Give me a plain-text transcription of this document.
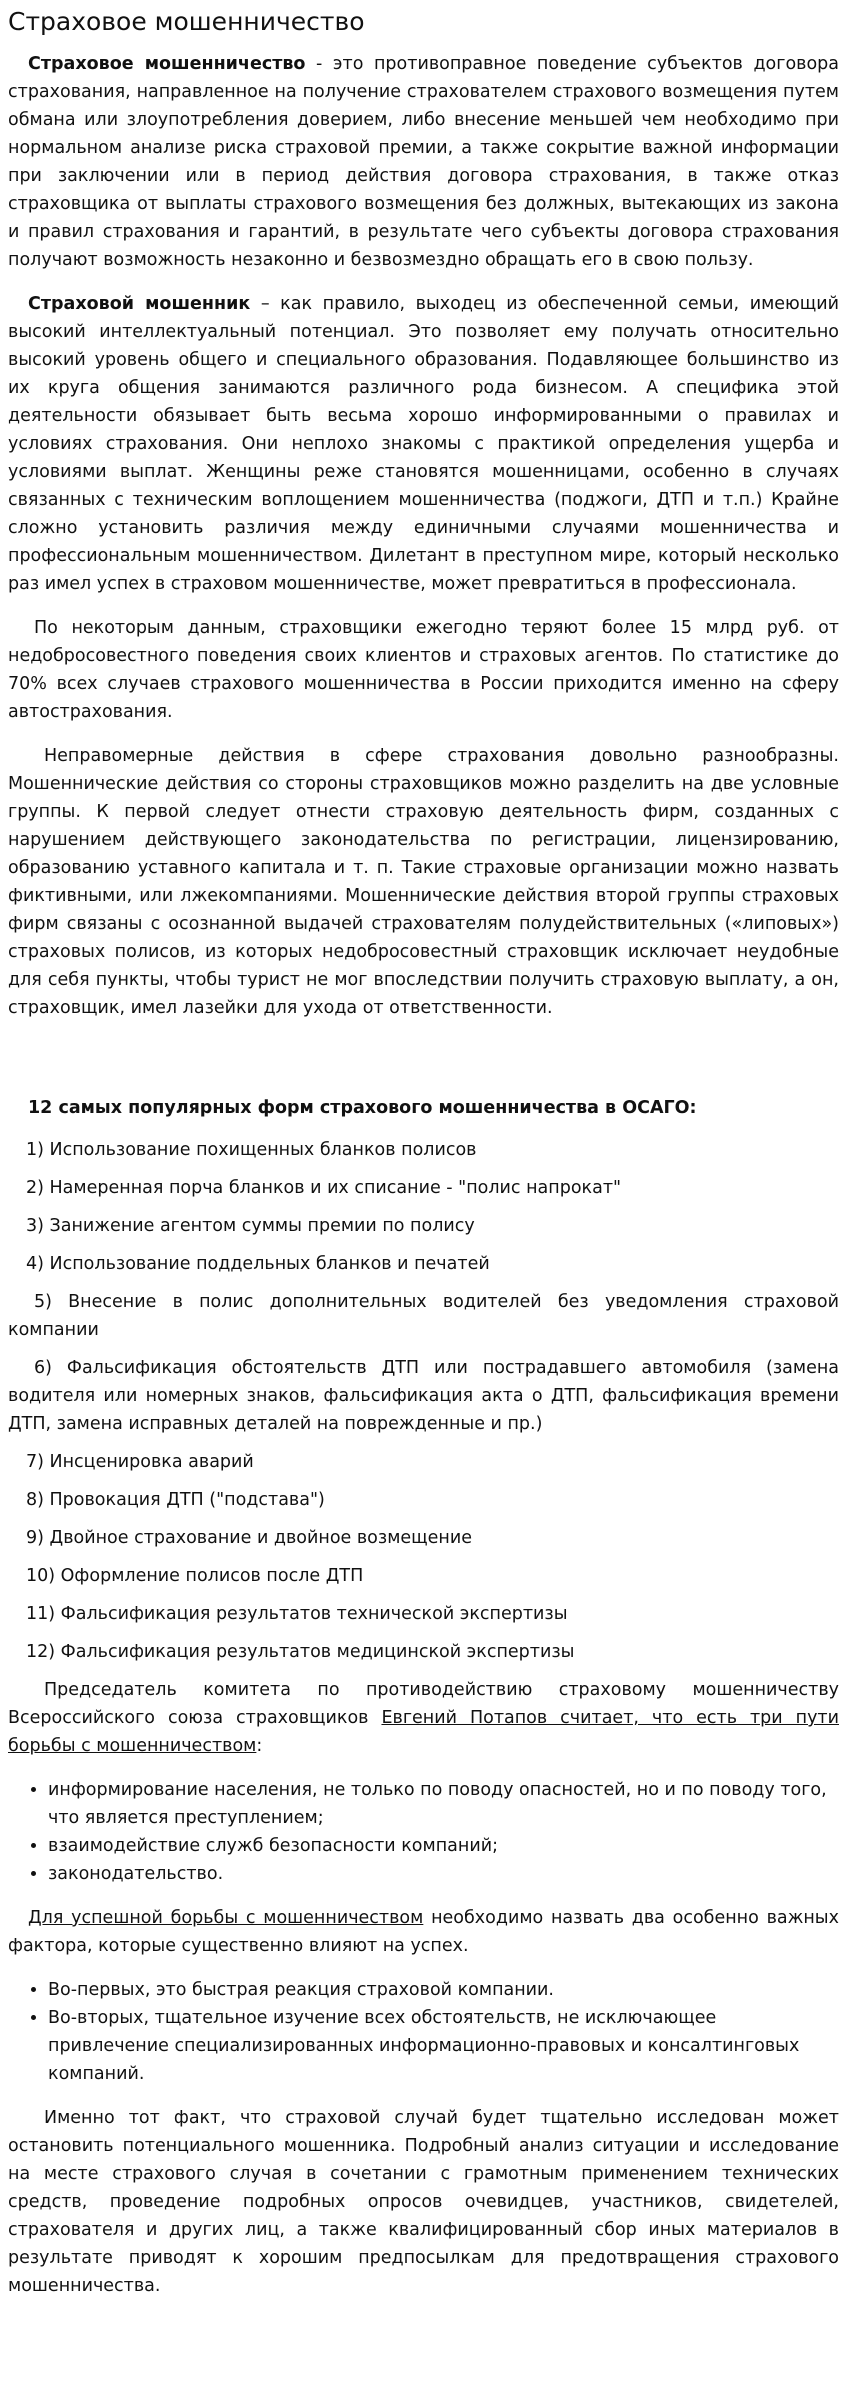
Страховое мошенничество

Страховое мошенничество - это противоправное поведение субъектов договора страхования, направленное на получение страхователем страхового возмещения путем обмана или злоупотребления доверием, либо внесение меньшей чем необходимо при нормальном анализе риска страховой премии, а также сокрытие важной информации при заключении или в период действия договора страхования, в также отказ страховщика от выплаты страхового возмещения без должных, вытекающих из закона и правил страхования и гарантий, в результате чего субъекты договора страхования получают возможность незаконно и безвозмездно обращать его в свою пользу.

Страховой мошенник – как правило, выходец из обеспеченной семьи, имеющий высокий интеллектуальный потенциал. Это позволяет ему получать относительно высокий уровень общего и специального образования. Подавляющее большинство из их круга общения занимаются различного рода бизнесом. А специфика этой деятельности обязывает быть весьма хорошо информированными о правилах и условиях страхования. Они неплохо знакомы с практикой определения ущерба и условиями выплат. Женщины реже становятся мошенницами, особенно в случаях связанных с техническим воплощением мошенничества (поджоги, ДТП и т.п.) Крайне сложно установить различия между единичными случаями мошенничества и профессиональным мошенничеством. Дилетант в преступном мире, который несколько раз имел успех в страховом мошенничестве, может превратиться в профессионала.

По некоторым данным, страховщики ежегодно теряют более 15 млрд руб. от недобросовестного поведения своих клиентов и страховых агентов. По статистике до 70% всех случаев страхового мошенничества в России приходится именно на сферу автострахования.

Неправомерные действия в сфере страхования довольно разнообразны. Мошеннические действия со стороны страховщиков можно разделить на две условные группы. К первой следует отнести страховую деятельность фирм, созданных с нарушением действующего законодательства по регистрации, лицензированию, образованию уставного капитала и т. п. Такие страховые организации можно назвать фиктивными, или лжекомпаниями. Мошеннические действия второй группы страховых фирм связаны с осознанной выдачей страхователям полудействительных («липовых») страховых полисов, из которых недобросовестный страховщик исключает неудобные для себя пункты, чтобы турист не мог впоследствии получить страховую выплату, а он, страховщик, имел лазейки для ухода от ответственности.

12 самых популярных форм страхового мошенничества в ОСАГО:

1) Использование похищенных бланков полисов

2) Намеренная порча бланков и их списание - "полис напрокат"

3) Занижение агентом суммы премии по полису

4) Использование поддельных бланков и печатей

5) Внесение в полис дополнительных водителей без уведомления страховой компании

6) Фальсификация обстоятельств ДТП или пострадавшего автомобиля (замена водителя или номерных знаков, фальсификация акта о ДТП, фальсификация времени ДТП, замена исправных деталей на поврежденные и пр.)

7) Инсценировка аварий

8) Провокация ДТП ("подстава")

9) Двойное страхование и двойное возмещение

10) Оформление полисов после ДТП

11) Фальсификация результатов технической экспертизы

12) Фальсификация результатов медицинской экспертизы

Председатель комитета по противодействию страховому мошенничеству Всероссийского союза страховщиков Евгений Потапов считает, что есть три пути борьбы с мошенничеством:

• информирование населения, не только по поводу опасностей, но и по поводу того, что является преступлением;
• взаимодействие служб безопасности компаний;
• законодательство.

Для успешной борьбы с мошенничеством необходимо назвать два особенно важных фактора, которые существенно влияют на успех.

• Во-первых, это быстрая реакция страховой компании.
• Во-вторых, тщательное изучение всех обстоятельств, не исключающее привлечение специализированных информационно-правовых и консалтинговых компаний.

Именно тот факт, что страховой случай будет тщательно исследован может остановить потенциального мошенника. Подробный анализ ситуации и исследование на месте страхового случая в сочетании с грамотным применением технических средств, проведение подробных опросов очевидцев, участников, свидетелей, страхователя и других лиц, а также квалифицированный сбор иных материалов в результате приводят к хорошим предпосылкам для предотвращения страхового мошенничества.
